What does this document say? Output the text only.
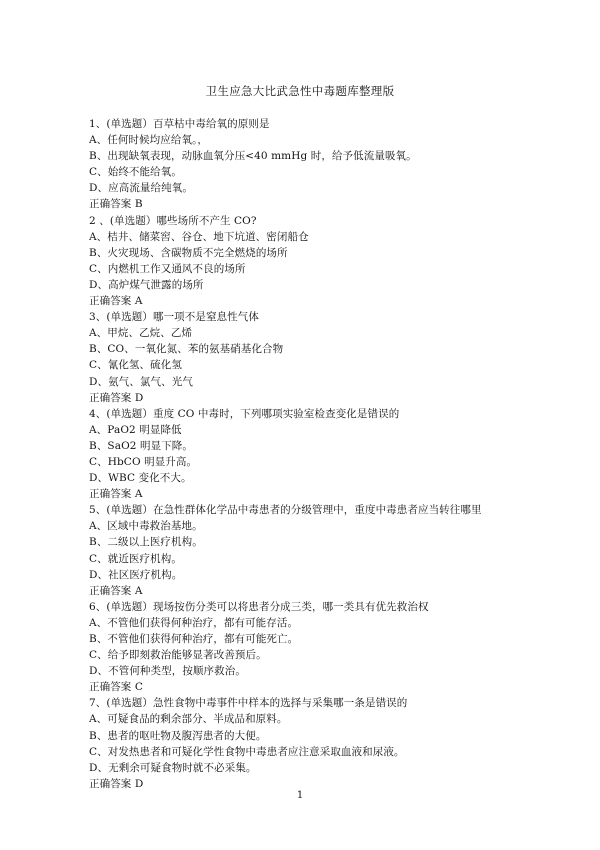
卫生应急大比武急性中毒题库整理版
1、(单选题）百草枯中毒给氧的原则是
A、任何时候均应给氧。，
B、出现缺氧表现，动脉血氧分压<40 mmHg 时，给予低流量吸氧。
C、始终不能给氧。
D、应高流量给纯氧。
正确答案 B
2 、(单选题）哪些场所不产生 CO?
A、桔井、储菜窖、谷仓、地下坑道、密闭船仓
B、火灾现场、含碳物质不完全燃烧的场所
C、内燃机工作又通风不良的场所
D、高炉煤气泄露的场所
正确答案 A
3、(单选题）哪一项不是窒息性气体
A、甲烷、乙烷、乙烯
B、CO、一氧化氮、苯的氨基硝基化合物
C、氰化氢、硫化氢
D、氨气、氯气、光气
正确答案 D
4、(单选题）重度 CO 中毒时，下列哪项实验室检查变化是错误的
A、PaO2 明显降低
B、SaO2 明显下降。
C、HbCO 明显升高。
D、WBC 变化不大。
正确答案 A
5、(单选题）在急性群体化学品中毒患者的分级管理中，重度中毒患者应当转往哪里
A、区域中毒救治基地。
B、二级以上医疗机构。
C、就近医疗机构。
D、社区医疗机构。
正确答案 A
6、(单选题）现场按伤分类可以将患者分成三类，哪一类具有优先救治权
A、不管他们获得何种治疗，都有可能存活。
B、不管他们获得何种治疗，都有可能死亡。
C、给予即刻救治能够显著改善预后。
D、不管何种类型，按顺序救治。
正确答案 C
7、(单选题）急性食物中毒事件中样本的选择与采集哪一条是错误的
A、可疑食品的剩余部分、半成品和原料。
B、患者的呕吐物及腹泻患者的大便。
C、对发热患者和可疑化学性食物中毒患者应注意采取血液和尿液。
D、无剩余可疑食物时就不必采集。
正确答案 D
1
